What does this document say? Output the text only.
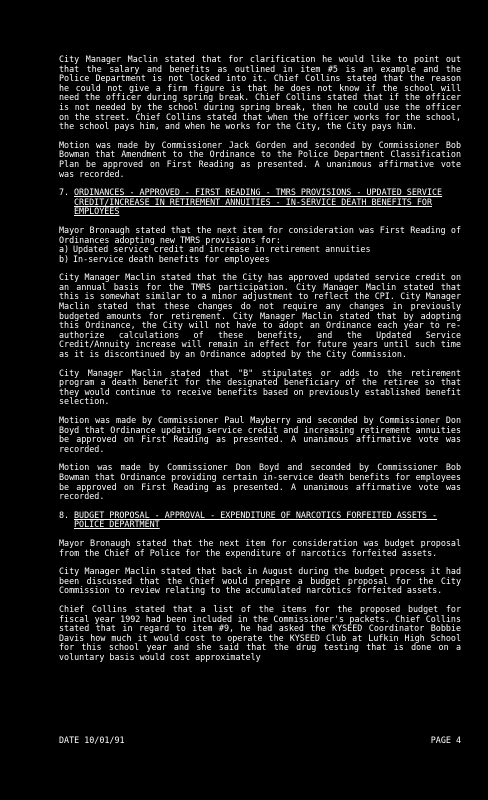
City Manager Maclin stated that for clarification he would like to point out that the salary and benefits as outlined in item #5 is an example and the Police Department is not locked into it. Chief Collins stated that the reason he could not give a firm figure is that he does not know if the school will need the officer during spring break. Chief Collins stated that if the officer is not needed by the school during spring break, then he could use the officer on the street. Chief Collins stated that when the officer works for the school, the school pays him, and when he works for the City, the City pays him.

Motion was made by Commissioner Jack Gorden and seconded by Commissioner Bob Bowman that Amendment to the Ordinance to the Police Department Classification Plan be approved on First Reading as presented. A unanimous affirmative vote was recorded.

7. ORDINANCES - APPROVED - FIRST READING - TMRS PROVISIONS - UPDATED SERVICE CREDIT/INCREASE IN RETIREMENT ANNUITIES - IN-SERVICE DEATH BENEFITS FOR EMPLOYEES

Mayor Bronaugh stated that the next item for consideration was First Reading of Ordinances adopting new TMRS provisions for:

a) Updated service credit and increase in retirement annuities
b) In-service death benefits for employees

City Manager Maclin stated that the City has approved updated service credit on an annual basis for the TMRS participation. City Manager Maclin stated that this is somewhat similar to a minor adjustment to reflect the CPI. City Manager Maclin stated that these changes do not require any changes in previously budgeted amounts for retirement. City Manager Maclin stated that by adopting this Ordinance, the City will not have to adopt an Ordinance each year to re-authorize calculations of these benefits, and the Updated Service Credit/Annuity increase will remain in effect for future years until such time as it is discontinued by an Ordinance adopted by the City Commission.

City Manager Maclin stated that "B" stipulates or adds to the retirement program a death benefit for the designated beneficiary of the retiree so that they would continue to receive benefits based on previously established benefit selection.

Motion was made by Commissioner Paul Mayberry and seconded by Commissioner Don Boyd that Ordinance updating service credit and increasing retirement annuities be approved on First Reading as presented. A unanimous affirmative vote was recorded.

Motion was made by Commissioner Don Boyd and seconded by Commissioner Bob Bowman that Ordinance providing certain in-service death benefits for employees be approved on First Reading as presented. A unanimous affirmative vote was recorded.

8. BUDGET PROPOSAL - APPROVAL - EXPENDITURE OF NARCOTICS FORFEITED ASSETS - POLICE DEPARTMENT

Mayor Bronaugh stated that the next item for consideration was budget proposal from the Chief of Police for the expenditure of narcotics forfeited assets.

City Manager Maclin stated that back in August during the budget process it had been discussed that the Chief would prepare a budget proposal for the City Commission to review relating to the accumulated narcotics forfeited assets.

Chief Collins stated that a list of the items for the proposed budget for fiscal year 1992 had been included in the Commissioner's packets. Chief Collins stated that in regard to item #9, he had asked the KYSEED Coordinator Bobbie Davis how much it would cost to operate the KYSEED Club at Lufkin High School for this school year and she said that the drug testing that is done on a voluntary basis would cost approximately

DATE 10/01/91	PAGE 4
